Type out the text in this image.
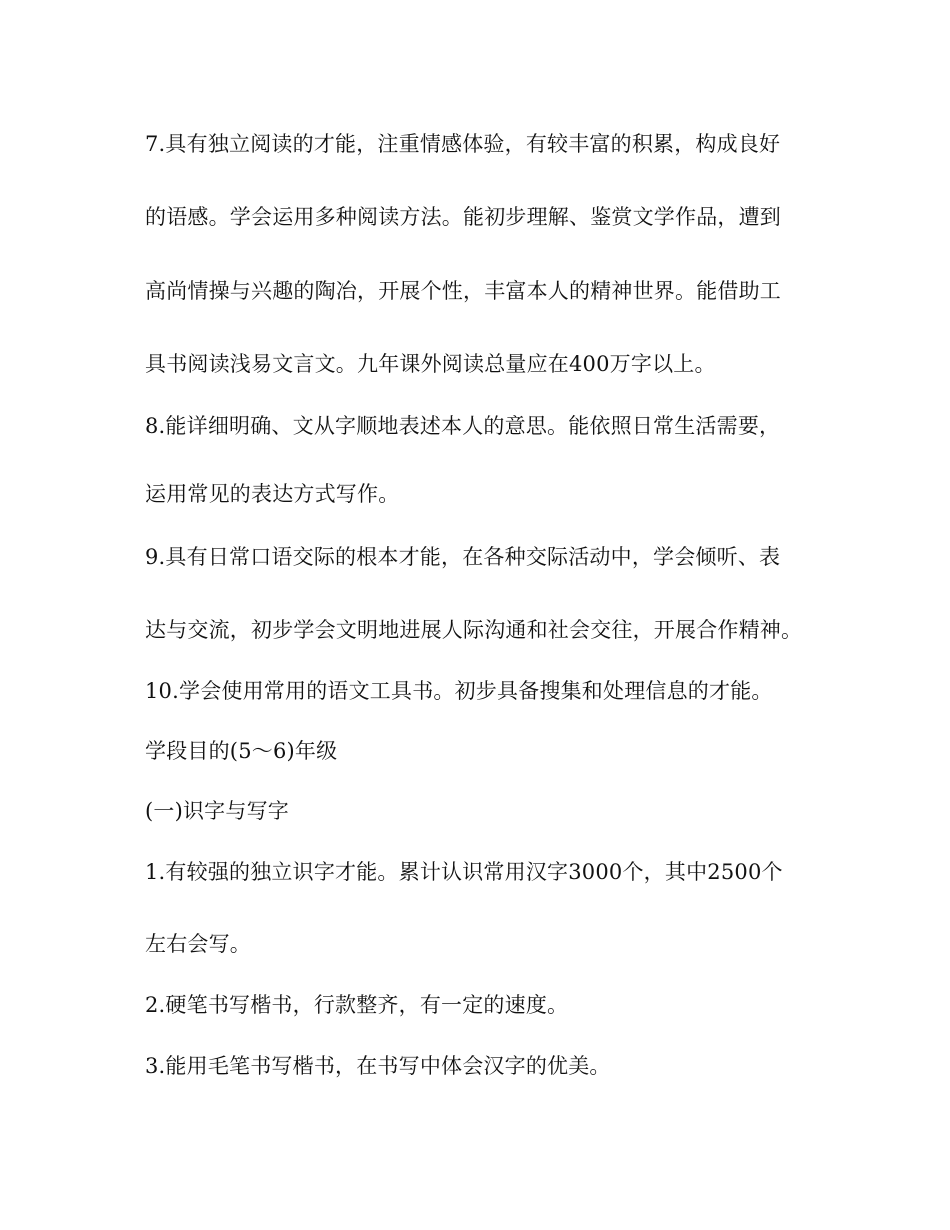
7.具有独立阅读的才能，注重情感体验，有较丰富的积累，构成良好
的语感。学会运用多种阅读方法。能初步理解、鉴赏文学作品，遭到
高尚情操与兴趣的陶冶，开展个性，丰富本人的精神世界。能借助工
具书阅读浅易文言文。九年课外阅读总量应在400万字以上。
8.能详细明确、文从字顺地表述本人的意思。能依照日常生活需要，
运用常见的表达方式写作。
9.具有日常口语交际的根本才能，在各种交际活动中，学会倾听、表
达与交流，初步学会文明地进展人际沟通和社会交往，开展合作精神。
10.学会使用常用的语文工具书。初步具备搜集和处理信息的才能。
学段目的(5～6)年级
(一)识字与写字
1.有较强的独立识字才能。累计认识常用汉字3000个，其中2500个
左右会写。
2.硬笔书写楷书，行款整齐，有一定的速度。
3.能用毛笔书写楷书，在书写中体会汉字的优美。
